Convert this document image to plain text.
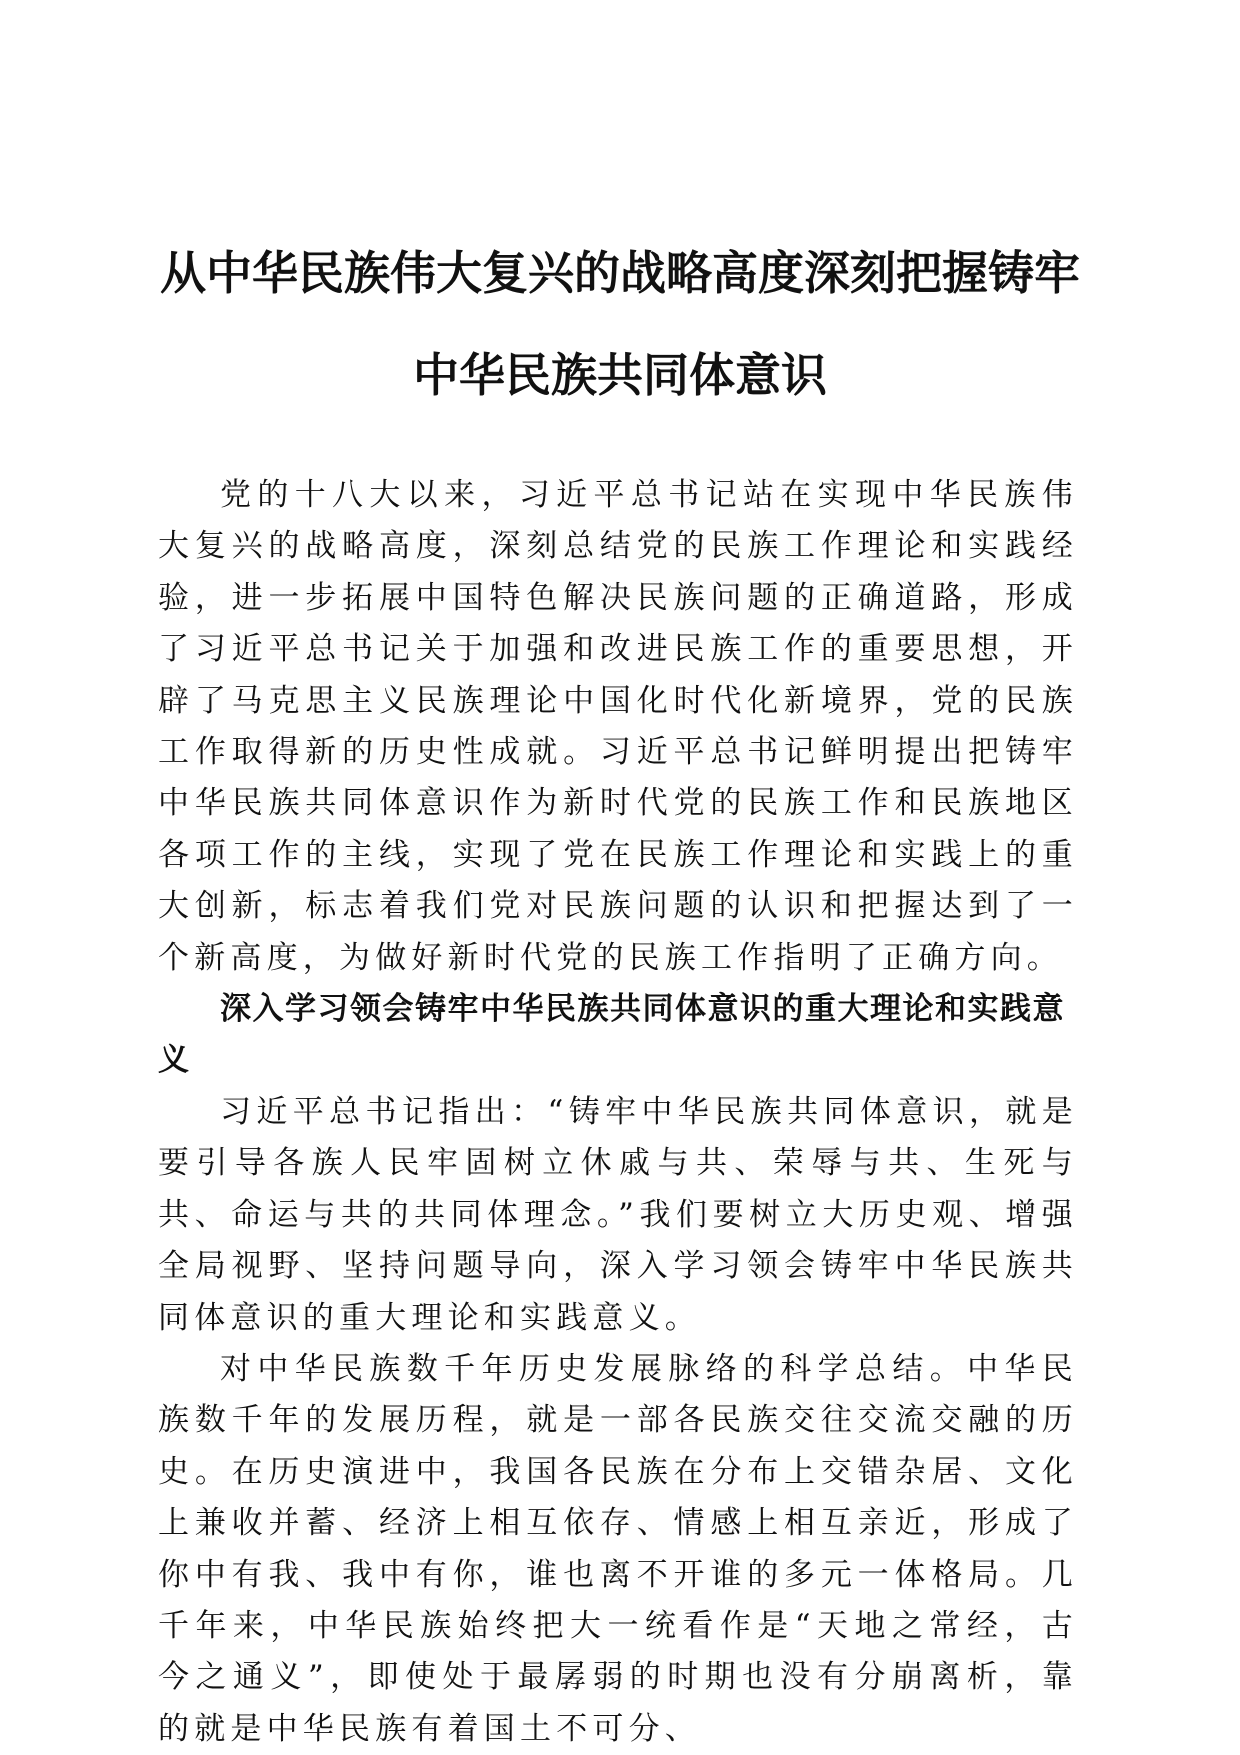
从中华民族伟大复兴的战略高度深刻把握铸牢
中华民族共同体意识

党的十八大以来，习近平总书记站在实现中华民族伟大复兴的战略高度，深刻总结党的民族工作理论和实践经验，进一步拓展中国特色解决民族问题的正确道路，形成了习近平总书记关于加强和改进民族工作的重要思想，开辟了马克思主义民族理论中国化时代化新境界，党的民族工作取得新的历史性成就。习近平总书记鲜明提出把铸牢中华民族共同体意识作为新时代党的民族工作和民族地区各项工作的主线，实现了党在民族工作理论和实践上的重大创新，标志着我们党对民族问题的认识和把握达到了一个新高度，为做好新时代党的民族工作指明了正确方向。

深入学习领会铸牢中华民族共同体意识的重大理论和实践意义

习近平总书记指出：“铸牢中华民族共同体意识，就是要引导各族人民牢固树立休戚与共、荣辱与共、生死与共、命运与共的共同体理念。”我们要树立大历史观、增强全局视野、坚持问题导向，深入学习领会铸牢中华民族共同体意识的重大理论和实践意义。

对中华民族数千年历史发展脉络的科学总结。中华民族数千年的发展历程，就是一部各民族交往交流交融的历史。在历史演进中，我国各民族在分布上交错杂居、文化上兼收并蓄、经济上相互依存、情感上相互亲近，形成了你中有我、我中有你，谁也离不开谁的多元一体格局。几千年来，中华民族始终把大一统看作是“天地之常经，古今之通义”，即使处于最孱弱的时期也没有分崩离析，靠的就是中华民族有着国土不可分、
